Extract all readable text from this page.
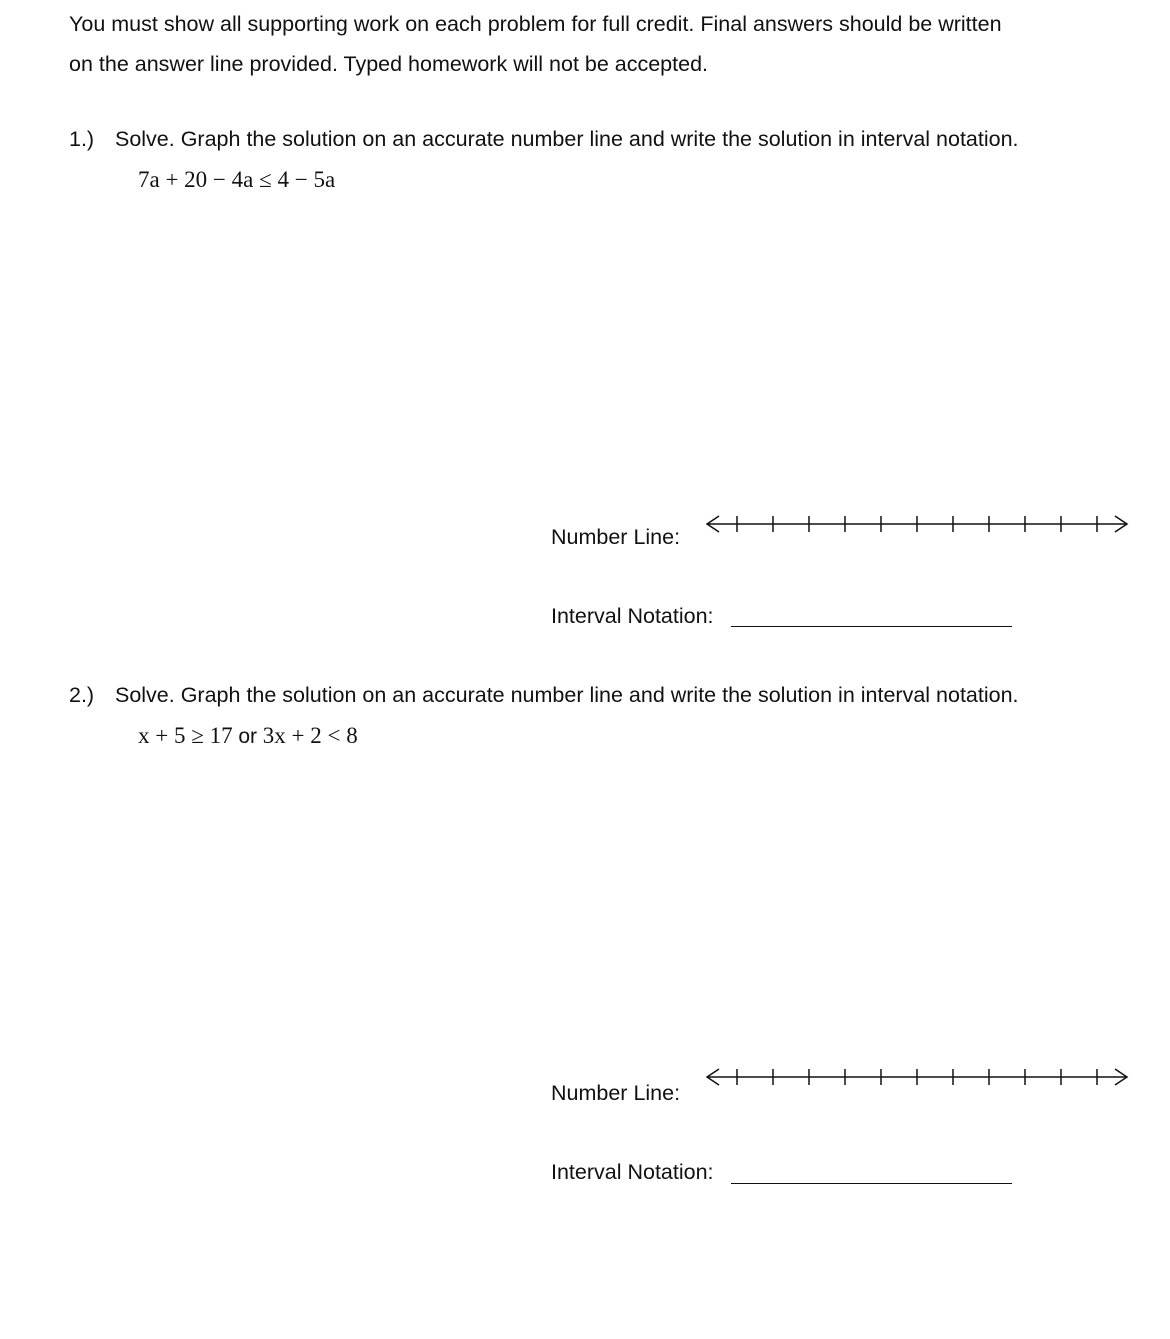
You must show all supporting work on each problem for full credit. Final answers should be written
on the answer line provided. Typed homework will not be accepted.
1.) Solve. Graph the solution on an accurate number line and write the solution in interval notation.
7a + 20 − 4a ≤ 4 − 5a
Number Line:
Interval Notation:
2.) Solve. Graph the solution on an accurate number line and write the solution in interval notation.
x + 5 ≥ 17 or 3x + 2 < 8
Number Line:
Interval Notation:
